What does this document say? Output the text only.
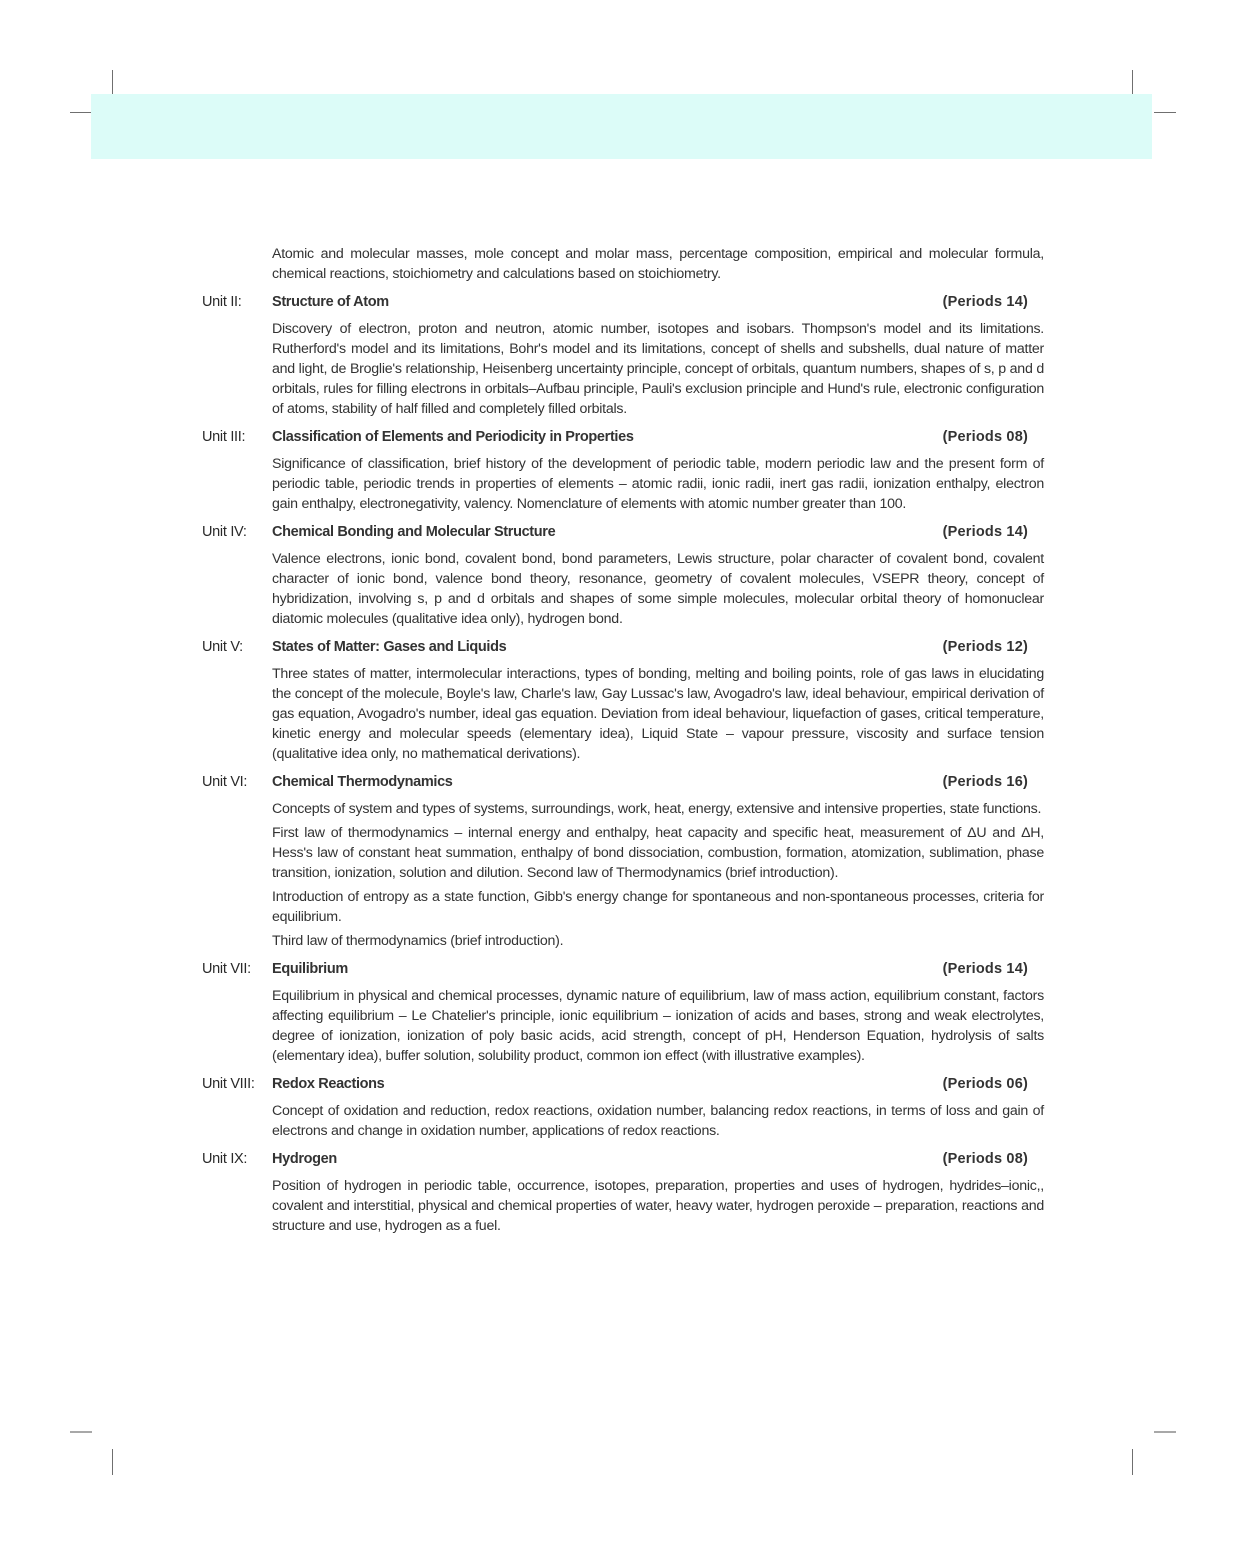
Atomic and molecular masses, mole concept and molar mass, percentage composition, empirical and molecular formula, chemical reactions, stoichiometry and calculations based on stoichiometry.

Unit II:	Structure of Atom	(Periods 14)

Discovery of electron, proton and neutron, atomic number, isotopes and isobars. Thompson's model and its limitations. Rutherford's model and its limitations, Bohr's model and its limitations, concept of shells and subshells, dual nature of matter and light, de Broglie's relationship, Heisenberg uncertainty principle, concept of orbitals, quantum numbers, shapes of s, p and d orbitals, rules for filling electrons in orbitals–Aufbau principle, Pauli's exclusion principle and Hund's rule, electronic configuration of atoms, stability of half filled and completely filled orbitals.

Unit III:	Classification of Elements and Periodicity in Properties	(Periods 08)

Significance of classification, brief history of the development of periodic table, modern periodic law and the present form of periodic table, periodic trends in properties of elements – atomic radii, ionic radii, inert gas radii, ionization enthalpy, electron gain enthalpy, electronegativity, valency. Nomenclature of elements with atomic number greater than 100.

Unit IV:	Chemical Bonding and Molecular Structure	(Periods 14)

Valence electrons, ionic bond, covalent bond, bond parameters, Lewis structure, polar character of covalent bond, covalent character of ionic bond, valence bond theory, resonance, geometry of covalent molecules, VSEPR theory, concept of hybridization, involving s, p and d orbitals and shapes of some simple molecules, molecular orbital theory of homonuclear diatomic molecules (qualitative idea only), hydrogen bond.

Unit V:	States of Matter: Gases and Liquids	(Periods 12)

Three states of matter, intermolecular interactions, types of bonding, melting and boiling points, role of gas laws in elucidating the concept of the molecule, Boyle's law, Charle's law, Gay Lussac's law, Avogadro's law, ideal behaviour, empirical derivation of gas equation, Avogadro's number, ideal gas equation. Deviation from ideal behaviour, liquefaction of gases, critical temperature, kinetic energy and molecular speeds (elementary idea), Liquid State – vapour pressure, viscosity and surface tension (qualitative idea only, no mathematical derivations).

Unit VI:	Chemical Thermodynamics	(Periods 16)

Concepts of system and types of systems, surroundings, work, heat, energy, extensive and intensive properties, state functions.

First law of thermodynamics – internal energy and enthalpy, heat capacity and specific heat, measurement of ΔU and ΔH, Hess's law of constant heat summation, enthalpy of bond dissociation, combustion, formation, atomization, sublimation, phase transition, ionization, solution and dilution. Second law of Thermodynamics (brief introduction).

Introduction of entropy as a state function, Gibb's energy change for spontaneous and non-spontaneous processes, criteria for equilibrium.

Third law of thermodynamics (brief introduction).

Unit VII:	Equilibrium	(Periods 14)

Equilibrium in physical and chemical processes, dynamic nature of equilibrium, law of mass action, equilibrium constant, factors affecting equilibrium – Le Chatelier's principle, ionic equilibrium – ionization of acids and bases, strong and weak electrolytes, degree of ionization, ionization of poly basic acids, acid strength, concept of pH, Henderson Equation, hydrolysis of salts (elementary idea), buffer solution, solubility product, common ion effect (with illustrative examples).

Unit VIII:	Redox Reactions	(Periods 06)

Concept of oxidation and reduction, redox reactions, oxidation number, balancing redox reactions, in terms of loss and gain of electrons and change in oxidation number, applications of redox reactions.

Unit IX:	Hydrogen	(Periods 08)

Position of hydrogen in periodic table, occurrence, isotopes, preparation, properties and uses of hydrogen, hydrides–ionic,, covalent and interstitial, physical and chemical properties of water, heavy water, hydrogen peroxide – preparation, reactions and structure and use, hydrogen as a fuel.
